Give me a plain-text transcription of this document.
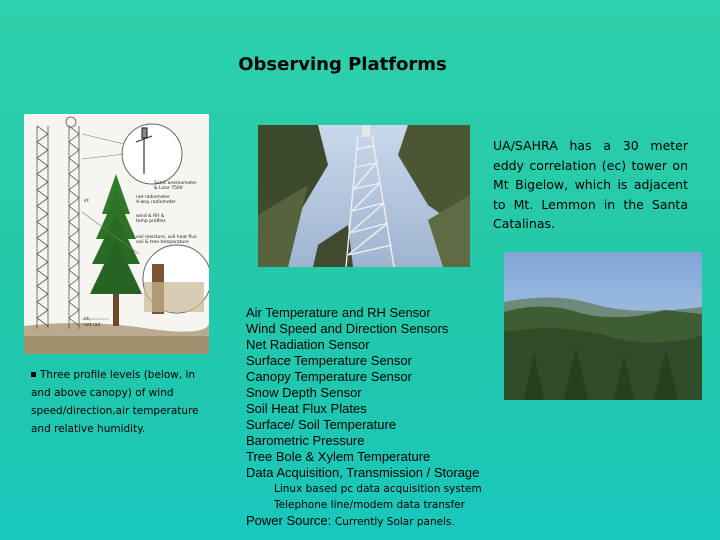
Observing Platforms
Sonic anemometer
& Licor 7500
net radiometer
4-way radiometer
wind & RH &
temp profiles
soil moisture, soil heat flux
soil & tree temperature
irt
irt,
net rad
UA/SAHRA has a 30 meter eddy correlation (ec) tower on Mt Bigelow, which is adjacent to Mt. Lemmon in the Santa Catalinas.
Three profile levels (below, in and above canopy) of wind speed/direction,air temperature and relative humidity.
Air Temperature and RH Sensor
Wind Speed and Direction Sensors
Net Radiation Sensor
Surface Temperature Sensor
Canopy Temperature Sensor
Snow Depth Sensor
Soil Heat Flux Plates
Surface/ Soil Temperature
Barometric Pressure
Tree Bole & Xylem Temperature
Data Acquisition, Transmission / Storage
Linux based pc data acquisition system
Telephone line/modem data transfer
Power Source: Currently Solar panels.
